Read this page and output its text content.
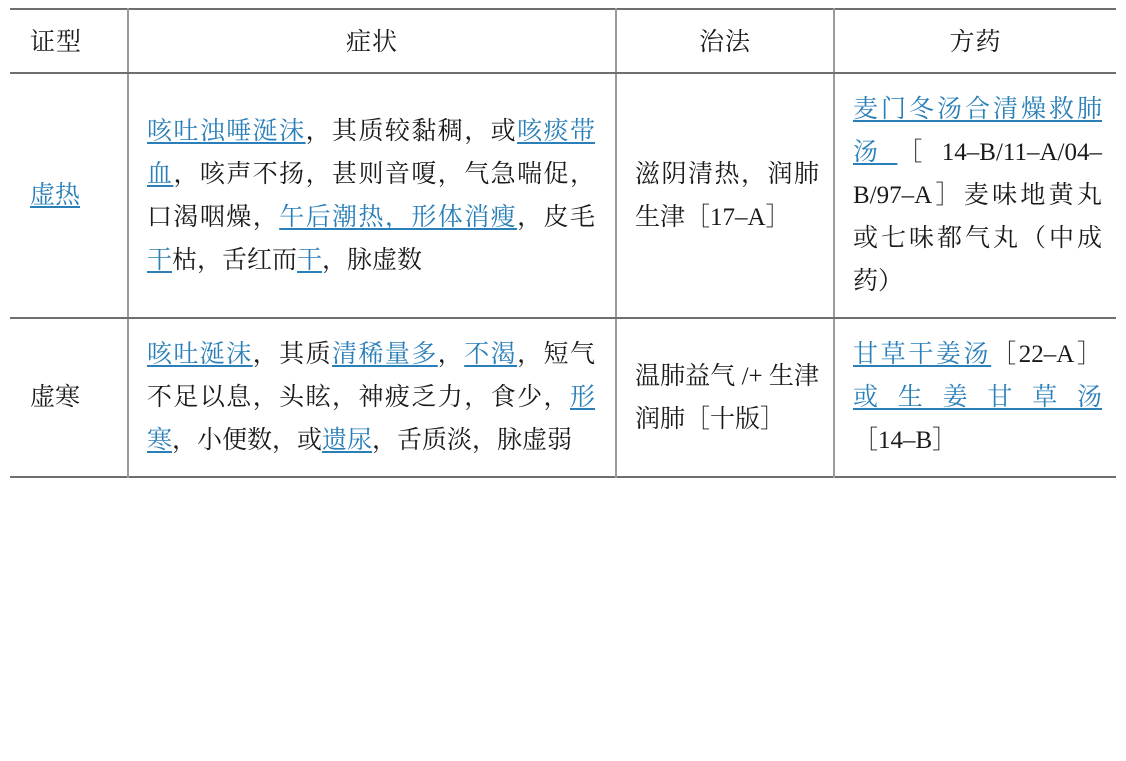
证型	症状	治法	方药
虚热	咳吐浊唾涎沫，其质较黏稠，或咳痰带血，咳声不扬，甚则音嗄，气急喘促，口渴咽燥，午后潮热，形体消瘦，皮毛干枯，舌红而干，脉虚数	滋阴清热，润肺生津［17–A］	麦门冬汤合清燥救肺汤［14–B/11–A/04–B/97–A］麦味地黄丸或七味都气丸（中成药）
虚寒	咳吐涎沫，其质清稀量多，不渴，短气不足以息，头眩，神疲乏力，食少，形寒，小便数，或遗尿，舌质淡，脉虚弱	温肺益气 /+ 生津润肺［十版］	甘草干姜汤［22–A］或生姜甘草汤［14–B］
